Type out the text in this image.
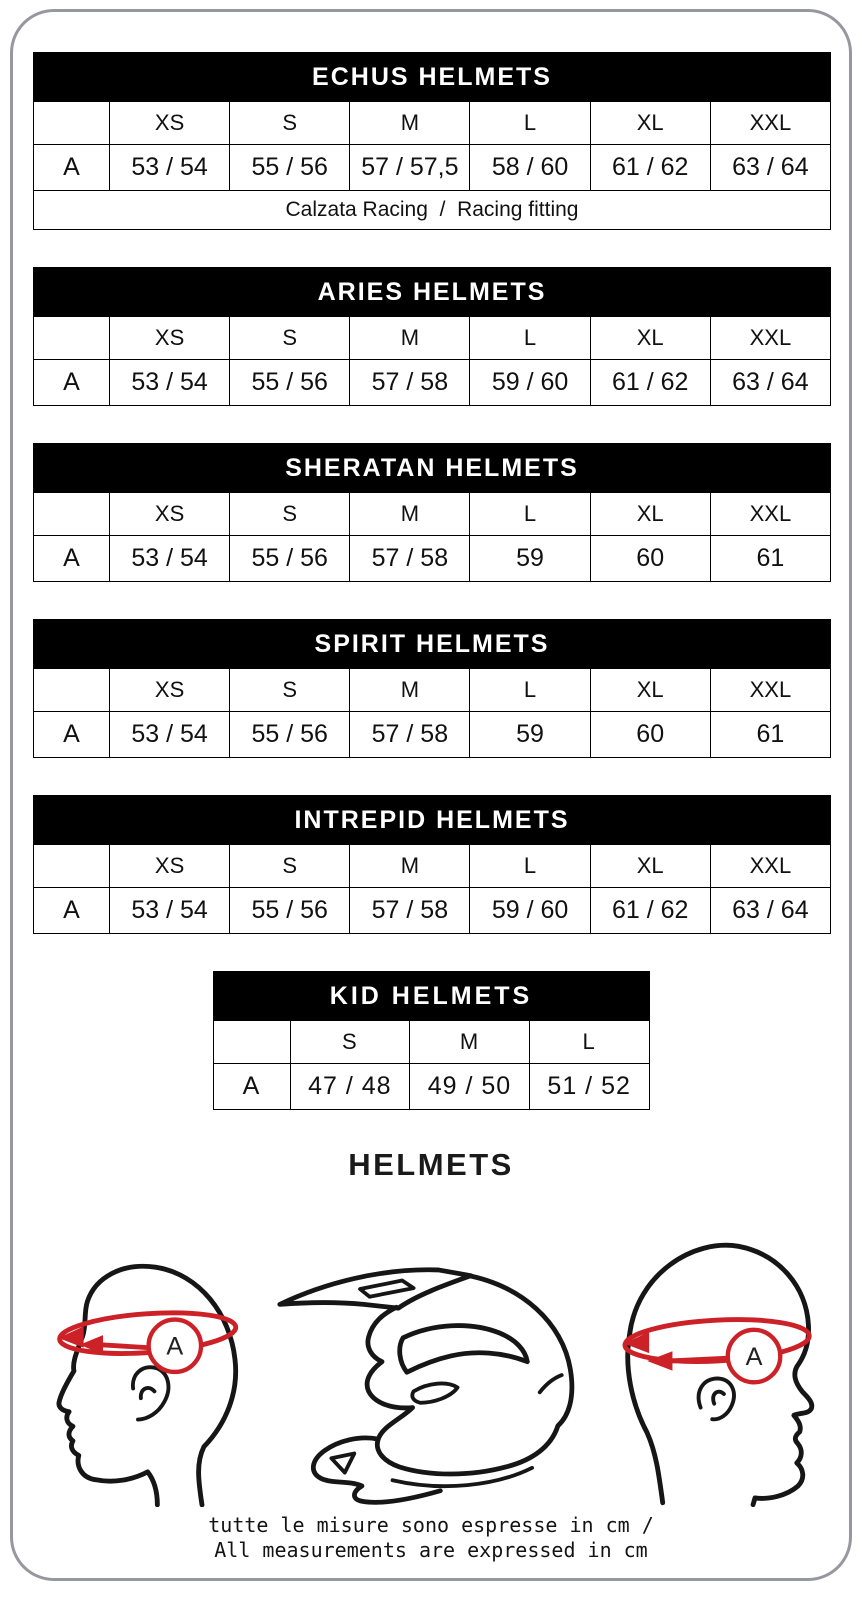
ECHUS HELMETS						
	XS	S	M	L	XL	XXL
A	53 / 54	55 / 56	57 / 57,5	58 / 60	61 / 62	63 / 64
Calzata Racing  /  Racing fitting						
ARIES HELMETS						
	XS	S	M	L	XL	XXL
A	53 / 54	55 / 56	57 / 58	59 / 60	61 / 62	63 / 64
SHERATAN HELMETS						
	XS	S	M	L	XL	XXL
A	53 / 54	55 / 56	57 / 58	59	60	61
SPIRIT HELMETS						
	XS	S	M	L	XL	XXL
A	53 / 54	55 / 56	57 / 58	59	60	61
INTREPID HELMETS						
	XS	S	M	L	XL	XXL
A	53 / 54	55 / 56	57 / 58	59 / 60	61 / 62	63 / 64
KID HELMETS			
	S	M	L
A	47 / 48	49 / 50	51 / 52
HELMETS
A	A
tutte le misure sono espresse in cm /
All measurements are expressed in cm
